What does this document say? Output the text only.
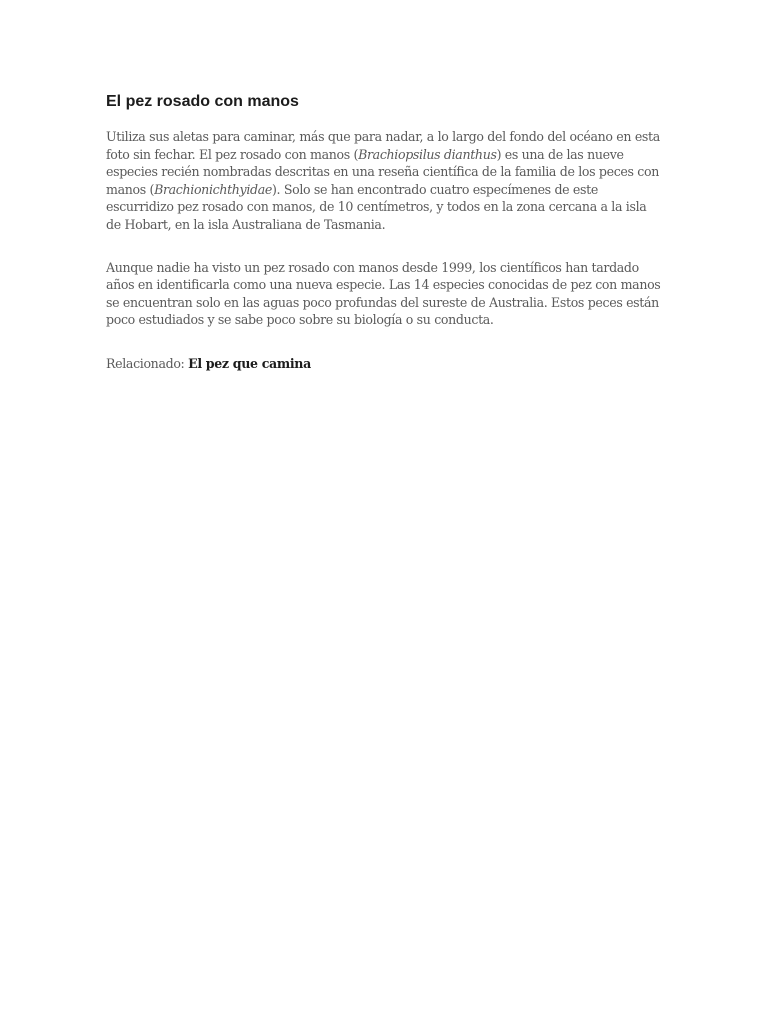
El pez rosado con manos

Utiliza sus aletas para caminar, más que para nadar, a lo largo del fondo del océano en esta foto sin fechar. El pez rosado con manos (Brachiopsilus dianthus) es una de las nueve especies recién nombradas descritas en una reseña científica de la familia de los peces con manos (Brachionichthyidae). Solo se han encontrado cuatro especímenes de este escurridizo pez rosado con manos, de 10 centímetros, y todos en la zona cercana a la isla de Hobart, en la isla Australiana de Tasmania.

Aunque nadie ha visto un pez rosado con manos desde 1999, los científicos han tardado años en identificarla como una nueva especie. Las 14 especies conocidas de pez con manos se encuentran solo en las aguas poco profundas del sureste de Australia. Estos peces están poco estudiados y se sabe poco sobre su biología o su conducta.

Relacionado: El pez que camina
